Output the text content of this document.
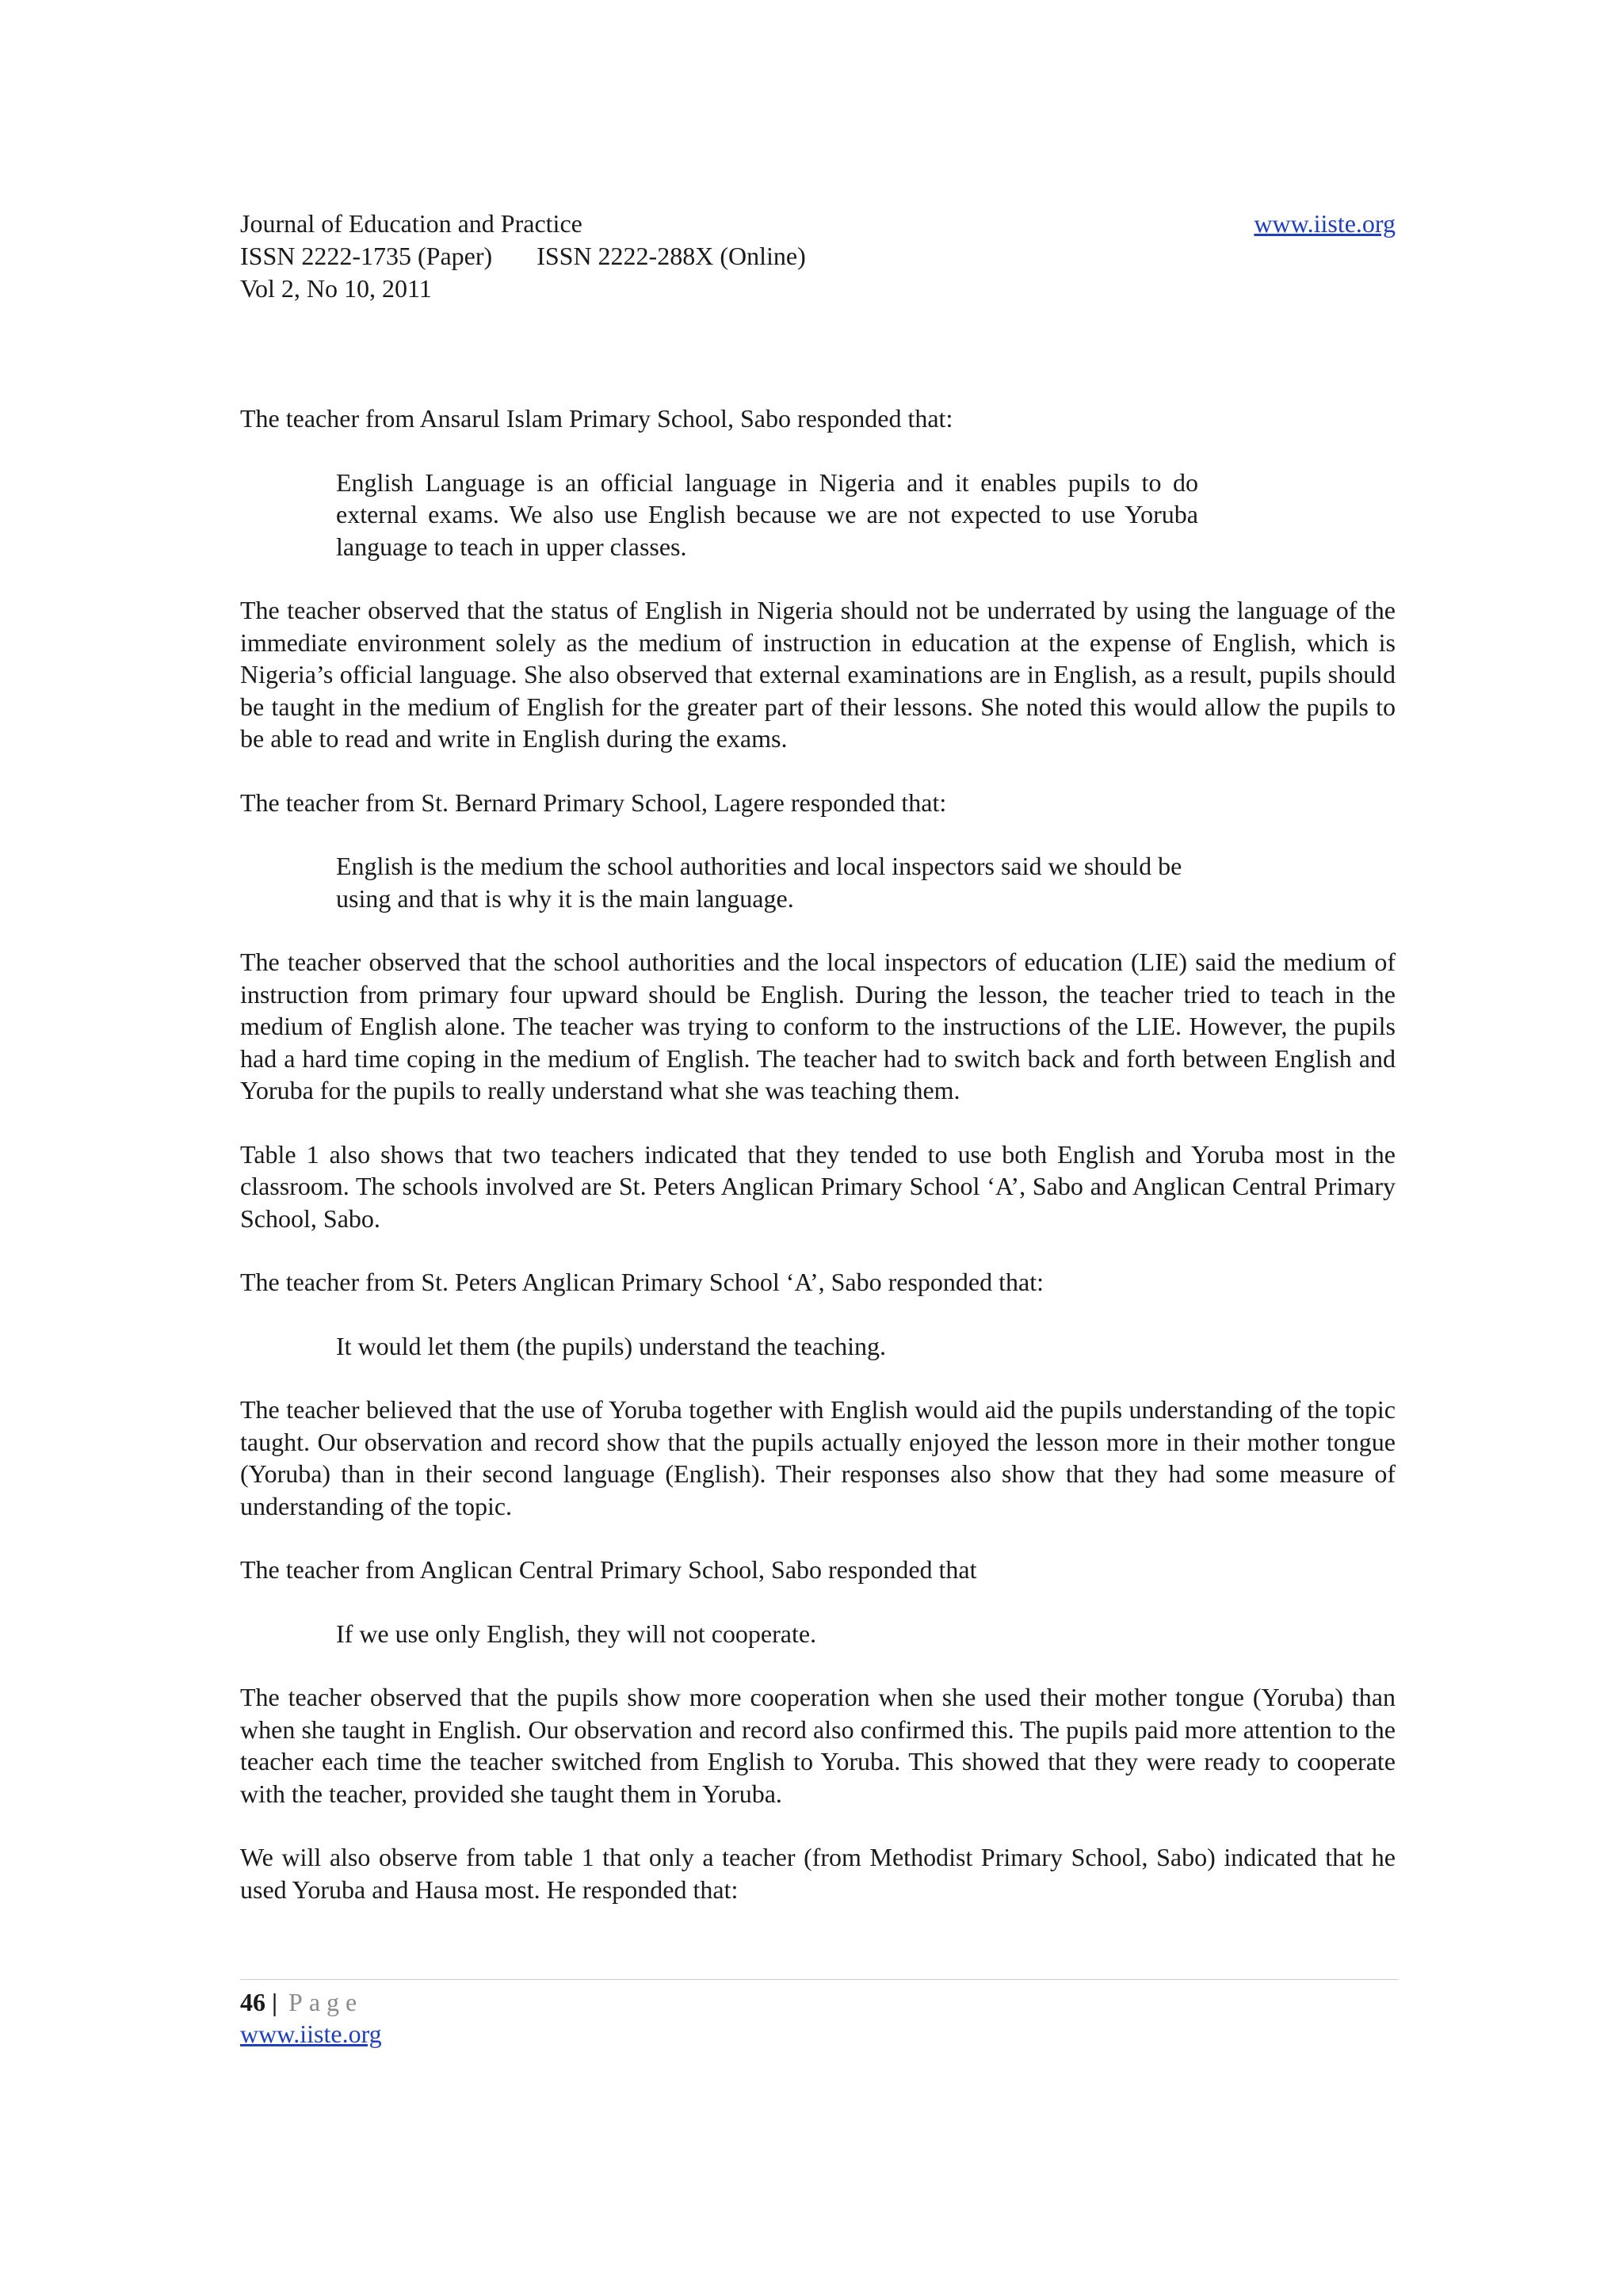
Journal of Education and Practice	www.iiste.org
ISSN 2222-1735 (Paper) ISSN 2222-288X (Online)
Vol 2, No 10, 2011

The teacher from Ansarul Islam Primary School, Sabo responded that:

English Language is an official language in Nigeria and it enables pupils to do external exams. We also use English because we are not expected to use Yoruba language to teach in upper classes.

The teacher observed that the status of English in Nigeria should not be underrated by using the language of the immediate environment solely as the medium of instruction in education at the expense of English, which is Nigeria’s official language. She also observed that external examinations are in English, as a result, pupils should be taught in the medium of English for the greater part of their lessons. She noted this would allow the pupils to be able to read and write in English during the exams.

The teacher from St. Bernard Primary School, Lagere responded that:

English is the medium the school authorities and local inspectors said we should be using and that is why it is the main language.

The teacher observed that the school authorities and the local inspectors of education (LIE) said the medium of instruction from primary four upward should be English. During the lesson, the teacher tried to teach in the medium of English alone. The teacher was trying to conform to the instructions of the LIE. However, the pupils had a hard time coping in the medium of English. The teacher had to switch back and forth between English and Yoruba for the pupils to really understand what she was teaching them.

Table 1 also shows that two teachers indicated that they tended to use both English and Yoruba most in the classroom. The schools involved are St. Peters Anglican Primary School ‘A’, Sabo and Anglican Central Primary School, Sabo.

The teacher from St. Peters Anglican Primary School ‘A’, Sabo responded that:

It would let them (the pupils) understand the teaching.

The teacher believed that the use of Yoruba together with English would aid the pupils understanding of the topic taught. Our observation and record show that the pupils actually enjoyed the lesson more in their mother tongue (Yoruba) than in their second language (English). Their responses also show that they had some measure of understanding of the topic.

The teacher from Anglican Central Primary School, Sabo responded that

If we use only English, they will not cooperate.

The teacher observed that the pupils show more cooperation when she used their mother tongue (Yoruba) than when she taught in English. Our observation and record also confirmed this. The pupils paid more attention to the teacher each time the teacher switched from English to Yoruba. This showed that they were ready to cooperate with the teacher, provided she taught them in Yoruba.

We will also observe from table 1 that only a teacher (from Methodist Primary School, Sabo) indicated that he used Yoruba and Hausa most. He responded that:

46 | Page
www.iiste.org
